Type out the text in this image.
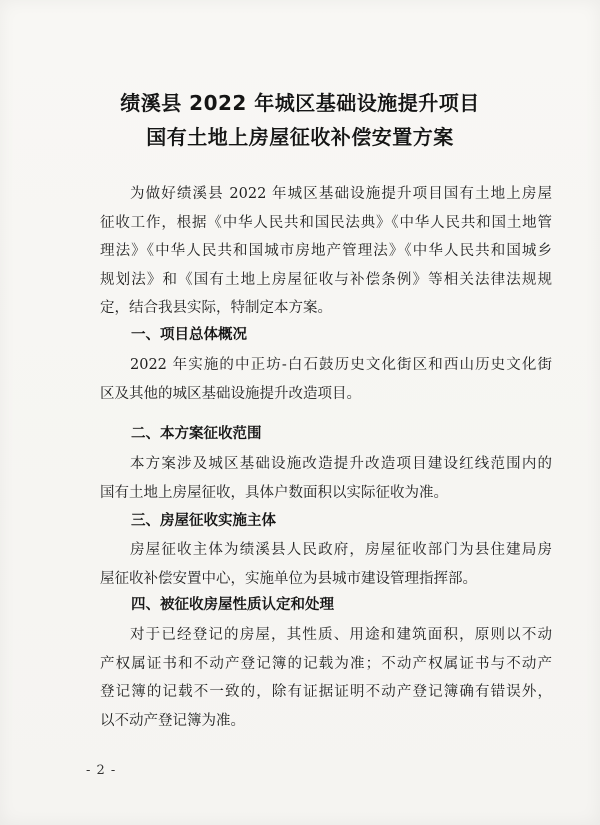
绩溪县 2022 年城区基础设施提升项目
国有土地上房屋征收补偿安置方案

为做好绩溪县 2022 年城区基础设施提升项目国有土地上房屋
征收工作，根据《中华人民共和国民法典》《中华人民共和国土地管
理法》《中华人民共和国城市房地产管理法》《中华人民共和国城乡
规划法》和《国有土地上房屋征收与补偿条例》等相关法律法规规
定，结合我县实际，特制定本方案。

一、项目总体概况

2022 年实施的中正坊-白石鼓历史文化街区和西山历史文化街
区及其他的城区基础设施提升改造项目。

二、本方案征收范围

本方案涉及城区基础设施改造提升改造项目建设红线范围内的
国有土地上房屋征收，具体户数面积以实际征收为准。

三、房屋征收实施主体

房屋征收主体为绩溪县人民政府，房屋征收部门为县住建局房
屋征收补偿安置中心，实施单位为县城市建设管理指挥部。

四、被征收房屋性质认定和处理

对于已经登记的房屋，其性质、用途和建筑面积，原则以不动
产权属证书和不动产登记簿的记载为准；不动产权属证书与不动产
登记簿的记载不一致的，除有证据证明不动产登记簿确有错误外，
以不动产登记簿为准。

- 2 -
